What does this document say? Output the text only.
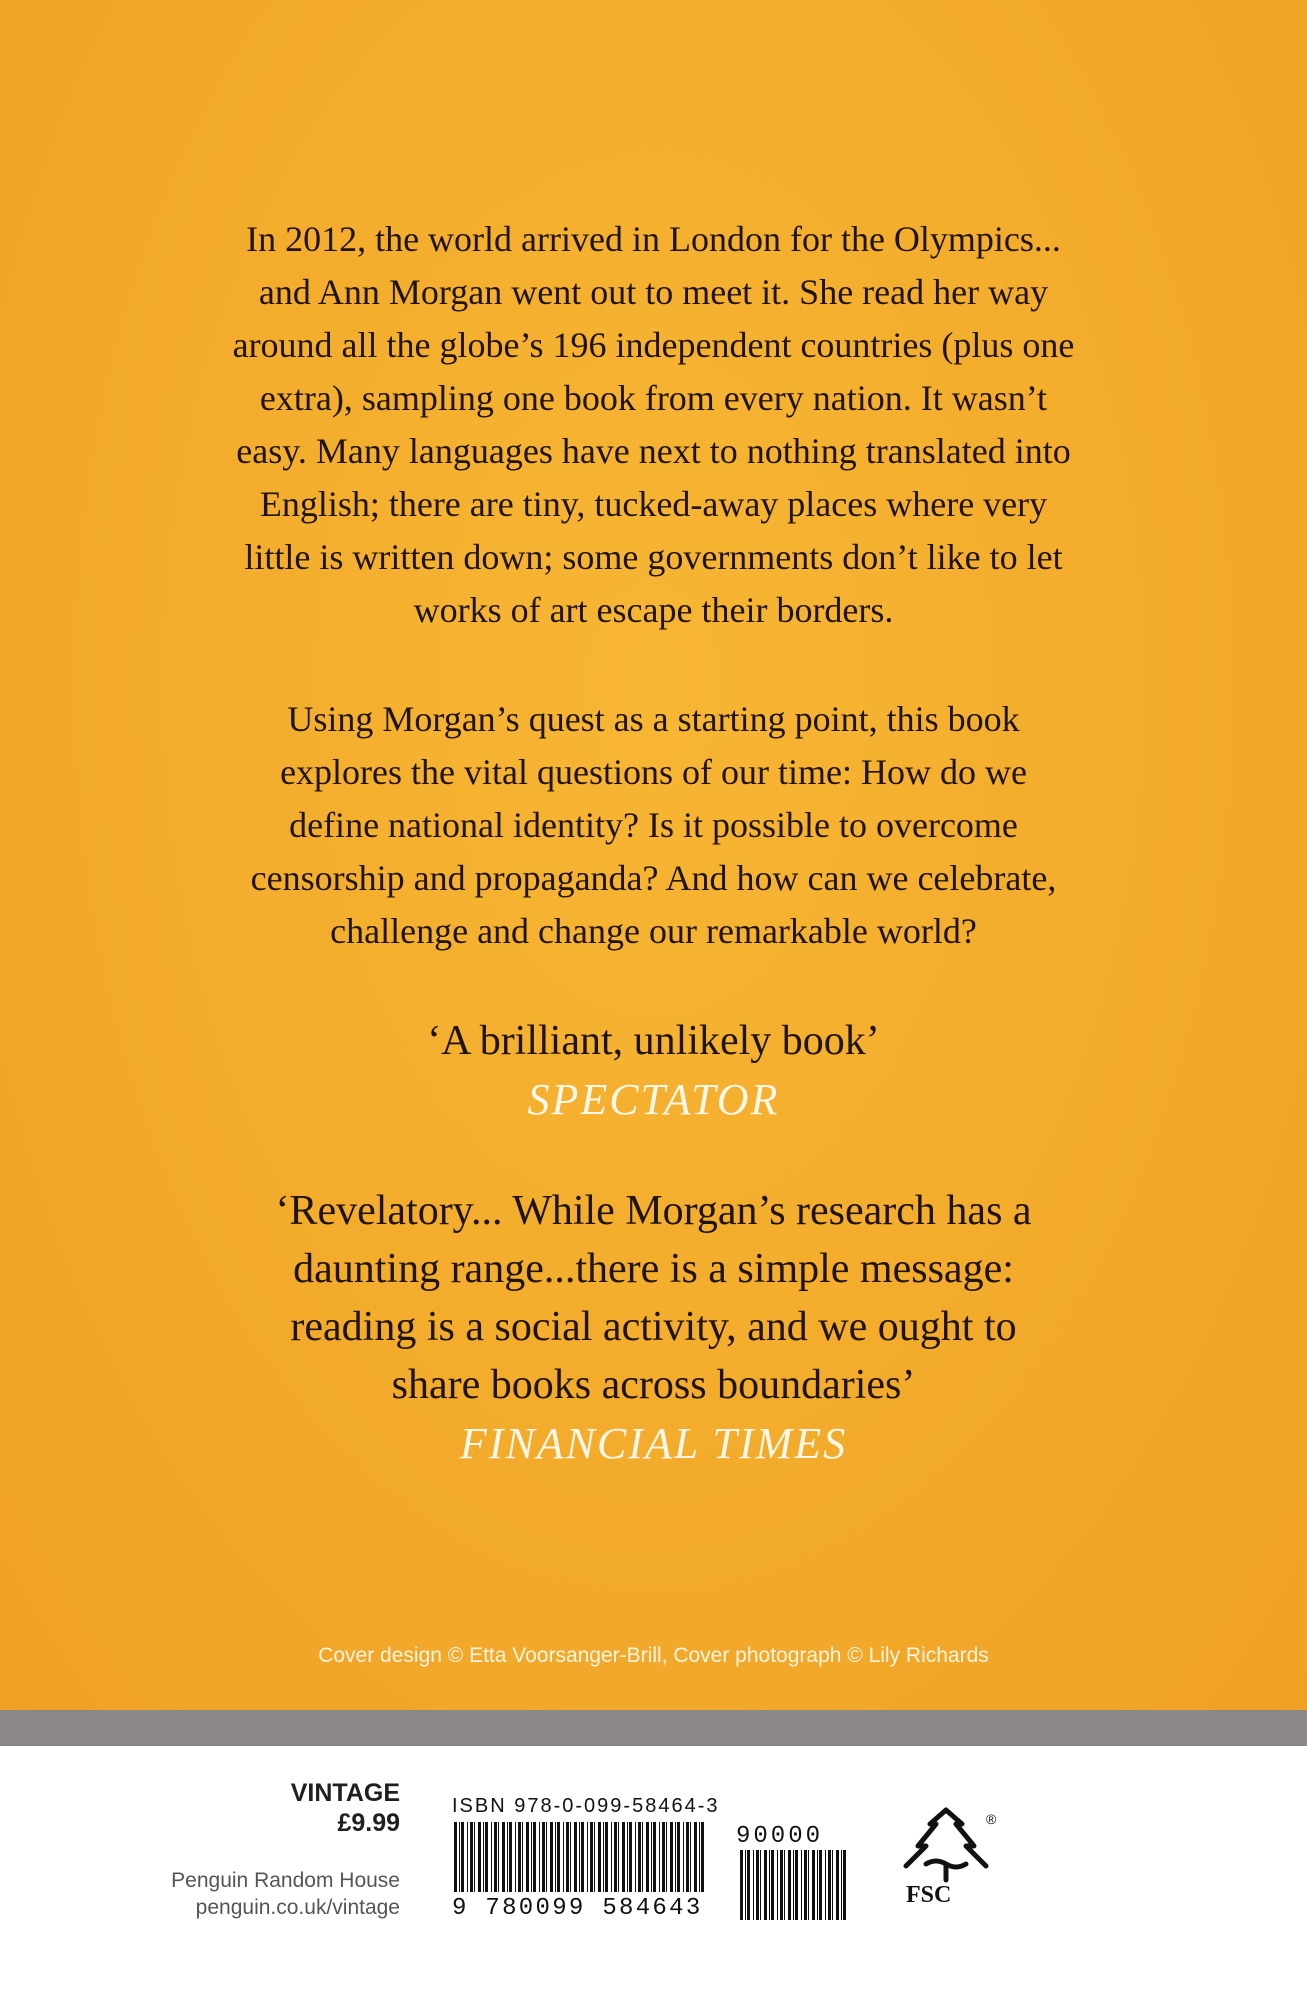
In 2012, the world arrived in London for the Olympics...
and Ann Morgan went out to meet it. She read her way
around all the globe’s 196 independent countries (plus one
extra), sampling one book from every nation. It wasn’t
easy. Many languages have next to nothing translated into
English; there are tiny, tucked-away places where very
little is written down; some governments don’t like to let
works of art escape their borders.

Using Morgan’s quest as a starting point, this book
explores the vital questions of our time: How do we
define national identity? Is it possible to overcome
censorship and propaganda? And how can we celebrate,
challenge and change our remarkable world?

‘A brilliant, unlikely book’

SPECTATOR

‘Revelatory... While Morgan’s research has a
daunting range...there is a simple message:
reading is a social activity, and we ought to
share books across boundaries’

FINANCIAL TIMES
Cover design © Etta Voorsanger-Brill, Cover photograph © Lily Richards
VINTAGE
£9.99
Penguin Random House
penguin.co.uk/vintage
ISBN 978-0-099-58464-3
9 780099 584643
90000
®
FSC
